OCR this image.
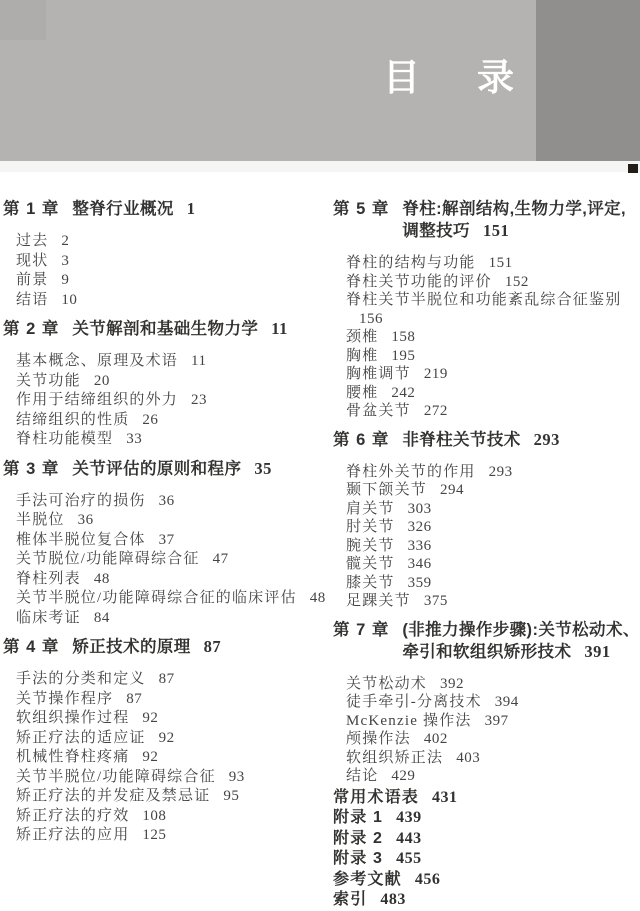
目　录
第 1 章 整脊行业概况 1
过去 2
现状 3
前景 9
结语 10
第 2 章 关节解剖和基础生物力学 11
基本概念、原理及术语 11
关节功能 20
作用于结缔组织的外力 23
结缔组织的性质 26
脊柱功能模型 33
第 3 章 关节评估的原则和程序 35
手法可治疗的损伤 36
半脱位 36
椎体半脱位复合体 37
关节脱位/功能障碍综合征 47
脊柱列表 48
关节半脱位/功能障碍综合征的临床评估 48
临床考证 84
第 4 章 矫正技术的原理 87
手法的分类和定义 87
关节操作程序 87
软组织操作过程 92
矫正疗法的适应证 92
机械性脊柱疼痛 92
关节半脱位/功能障碍综合征 93
矫正疗法的并发症及禁忌证 95
矫正疗法的疗效 108
矫正疗法的应用 125
第 5 章 脊柱:解剖结构,生物力学,评定,调整技巧 151
脊柱的结构与功能 151
脊柱关节功能的评价 152
脊柱关节半脱位和功能紊乱综合征鉴别156
颈椎 158
胸椎 195
胸椎调节 219
腰椎 242
骨盆关节 272
第 6 章 非脊柱关节技术 293
脊柱外关节的作用 293
颞下颌关节 294
肩关节 303
肘关节 326
腕关节 336
髋关节 346
膝关节 359
足踝关节 375
第 7 章 (非推力操作步骤):关节松动术、牵引和软组织矫形技术 391
关节松动术 392
徒手牵引-分离技术 394
McKenzie 操作法 397
颅操作法 402
软组织矫正法 403
结论 429
常用术语表 431
附录 1 439
附录 2 443
附录 3 455
参考文献 456
索引 483
